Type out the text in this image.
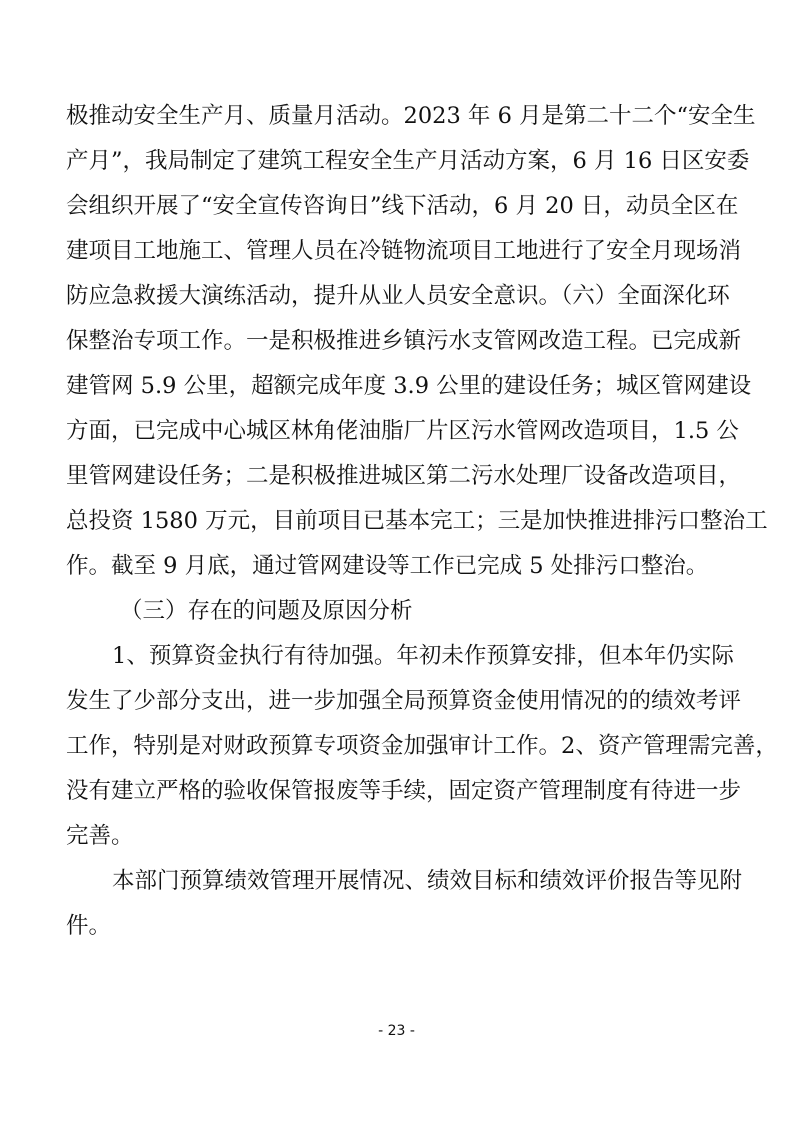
极推动安全生产月、质量月活动。2023 年 6 月是第二十二个“安全生
产月”，我局制定了建筑工程安全生产月活动方案，6 月 16 日区安委
会组织开展了“安全宣传咨询日”线下活动，6 月 20 日，动员全区在
建项目工地施工、管理人员在冷链物流项目工地进行了安全月现场消
防应急救援大演练活动，提升从业人员安全意识。（六）全面深化环
保整治专项工作。一是积极推进乡镇污水支管网改造工程。已完成新
建管网 5.9 公里，超额完成年度 3.9 公里的建设任务；城区管网建设
方面，已完成中心城区林角佬油脂厂片区污水管网改造项目，1.5 公
里管网建设任务；二是积极推进城区第二污水处理厂设备改造项目，
总投资 1580 万元，目前项目已基本完工；三是加快推进排污口整治工
作。截至 9 月底，通过管网建设等工作已完成 5 处排污口整治。
（三）存在的问题及原因分析
1、预算资金执行有待加强。年初未作预算安排，但本年仍实际
发生了少部分支出，进一步加强全局预算资金使用情况的的绩效考评
工作，特别是对财政预算专项资金加强审计工作。2、资产管理需完善，
没有建立严格的验收保管报废等手续，固定资产管理制度有待进一步
完善。
本部门预算绩效管理开展情况、绩效目标和绩效评价报告等见附
件。
- 23 -
